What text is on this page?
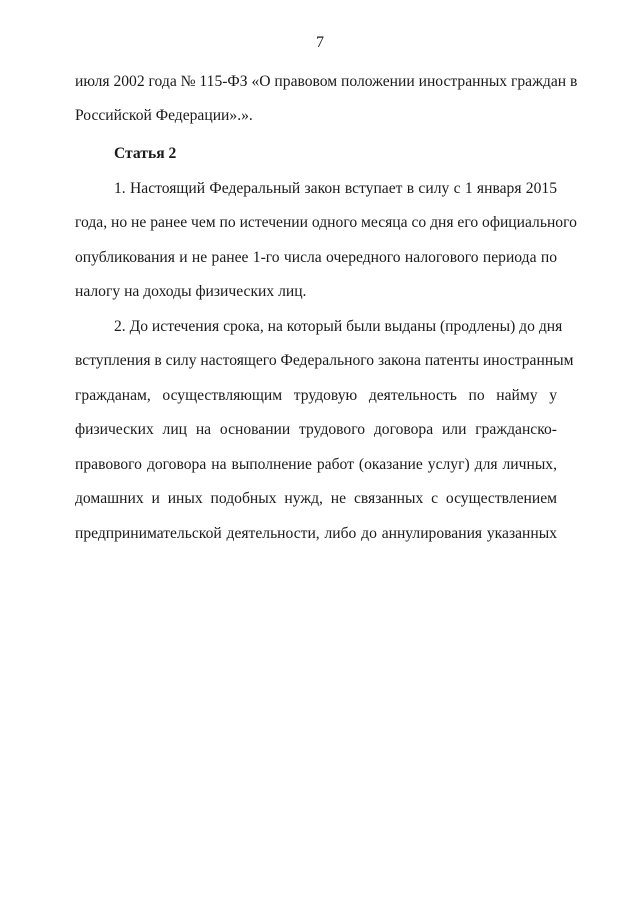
7
июля 2002 года № 115-ФЗ «О правовом положении иностранных граждан в
Российской Федерации».».
Статья 2
1. Настоящий Федеральный закон вступает в силу с 1 января 2015
года, но не ранее чем по истечении одного месяца со дня его официального
опубликования и не ранее 1-го числа очередного налогового периода по
налогу на доходы физических лиц.
2. До истечения срока, на который были выданы (продлены) до дня
вступления в силу настоящего Федерального закона патенты иностранным
гражданам, осуществляющим трудовую деятельность по найму у
физических лиц на основании трудового договора или гражданско-
правового договора на выполнение работ (оказание услуг) для личных,
домашних и иных подобных нужд, не связанных с осуществлением
предпринимательской деятельности, либо до аннулирования указанных
